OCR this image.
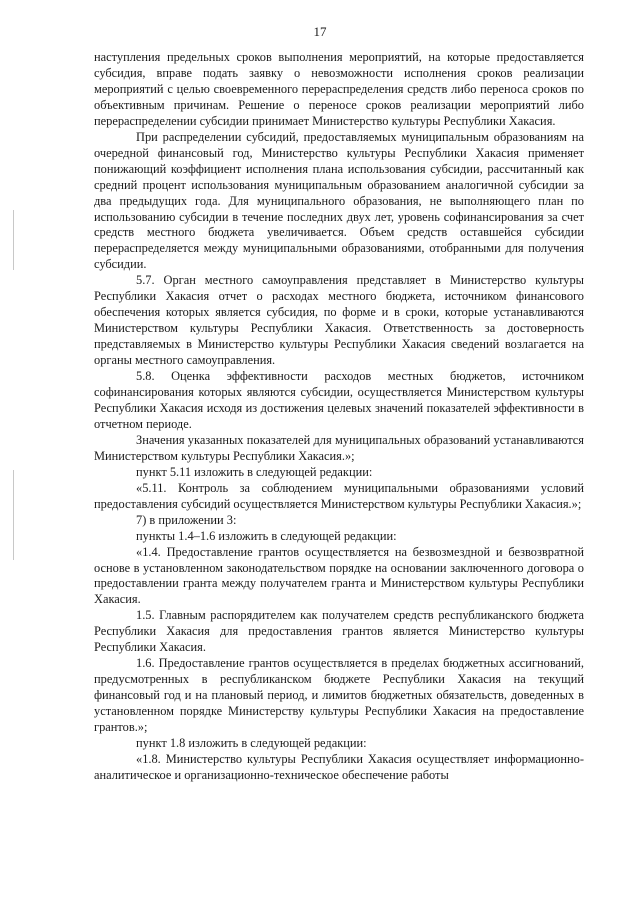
17

наступления предельных сроков выполнения мероприятий, на которые предоставляется субсидия, вправе подать заявку о невозможности исполнения сроков реализации мероприятий с целью своевременного перераспределения средств либо переноса сроков по объективным причинам. Решение о переносе сроков реализации мероприятий либо перераспределении субсидии принимает Министерство культуры Республики Хакасия.

При распределении субсидий, предоставляемых муниципальным образованиям на очередной финансовый год, Министерство культуры Республики Хакасия применяет понижающий коэффициент исполнения плана использования субсидии, рассчитанный как средний процент использования муниципальным образованием аналогичной субсидии за два предыдущих года. Для муниципального образования, не выполняющего план по использованию субсидии в течение последних двух лет, уровень софинансирования за счет средств местного бюджета увеличивается. Объем средств оставшейся субсидии перераспределяется между муниципальными образованиями, отобранными для получения субсидии.

5.7. Орган местного самоуправления представляет в Министерство культуры Республики Хакасия отчет о расходах местного бюджета, источником финансового обеспечения которых является субсидия, по форме и в сроки, которые устанавливаются Министерством культуры Республики Хакасия. Ответственность за достоверность представляемых в Министерство культуры Республики Хакасия сведений возлагается на органы местного самоуправления.

5.8. Оценка эффективности расходов местных бюджетов, источником софинансирования которых являются субсидии, осуществляется Министерством культуры Республики Хакасия исходя из достижения целевых значений показателей эффективности в отчетном периоде.

Значения указанных показателей для муниципальных образований устанавливаются Министерством культуры Республики Хакасия.»;

пункт 5.11 изложить в следующей редакции:

«5.11. Контроль за соблюдением муниципальными образованиями условий предоставления субсидий осуществляется Министерством культуры Республики Хакасия.»;

7) в приложении 3:

пункты 1.4–1.6 изложить в следующей редакции:

«1.4. Предоставление грантов осуществляется на безвозмездной и безвозвратной основе в установленном законодательством порядке на основании заключенного договора о предоставлении гранта между получателем гранта и Министерством культуры Республики Хакасия.

1.5. Главным распорядителем как получателем средств республиканского бюджета Республики Хакасия для предоставления грантов является Министерство культуры Республики Хакасия.

1.6. Предоставление грантов осуществляется в пределах бюджетных ассигнований, предусмотренных в республиканском бюджете Республики Хакасия на текущий финансовый год и на плановый период, и лимитов бюджетных обязательств, доведенных в установленном порядке Министерству культуры Республики Хакасия на предоставление грантов.»;

пункт 1.8 изложить в следующей редакции:

«1.8. Министерство культуры Республики Хакасия осуществляет информационно-аналитическое и организационно-техническое обеспечение работы
